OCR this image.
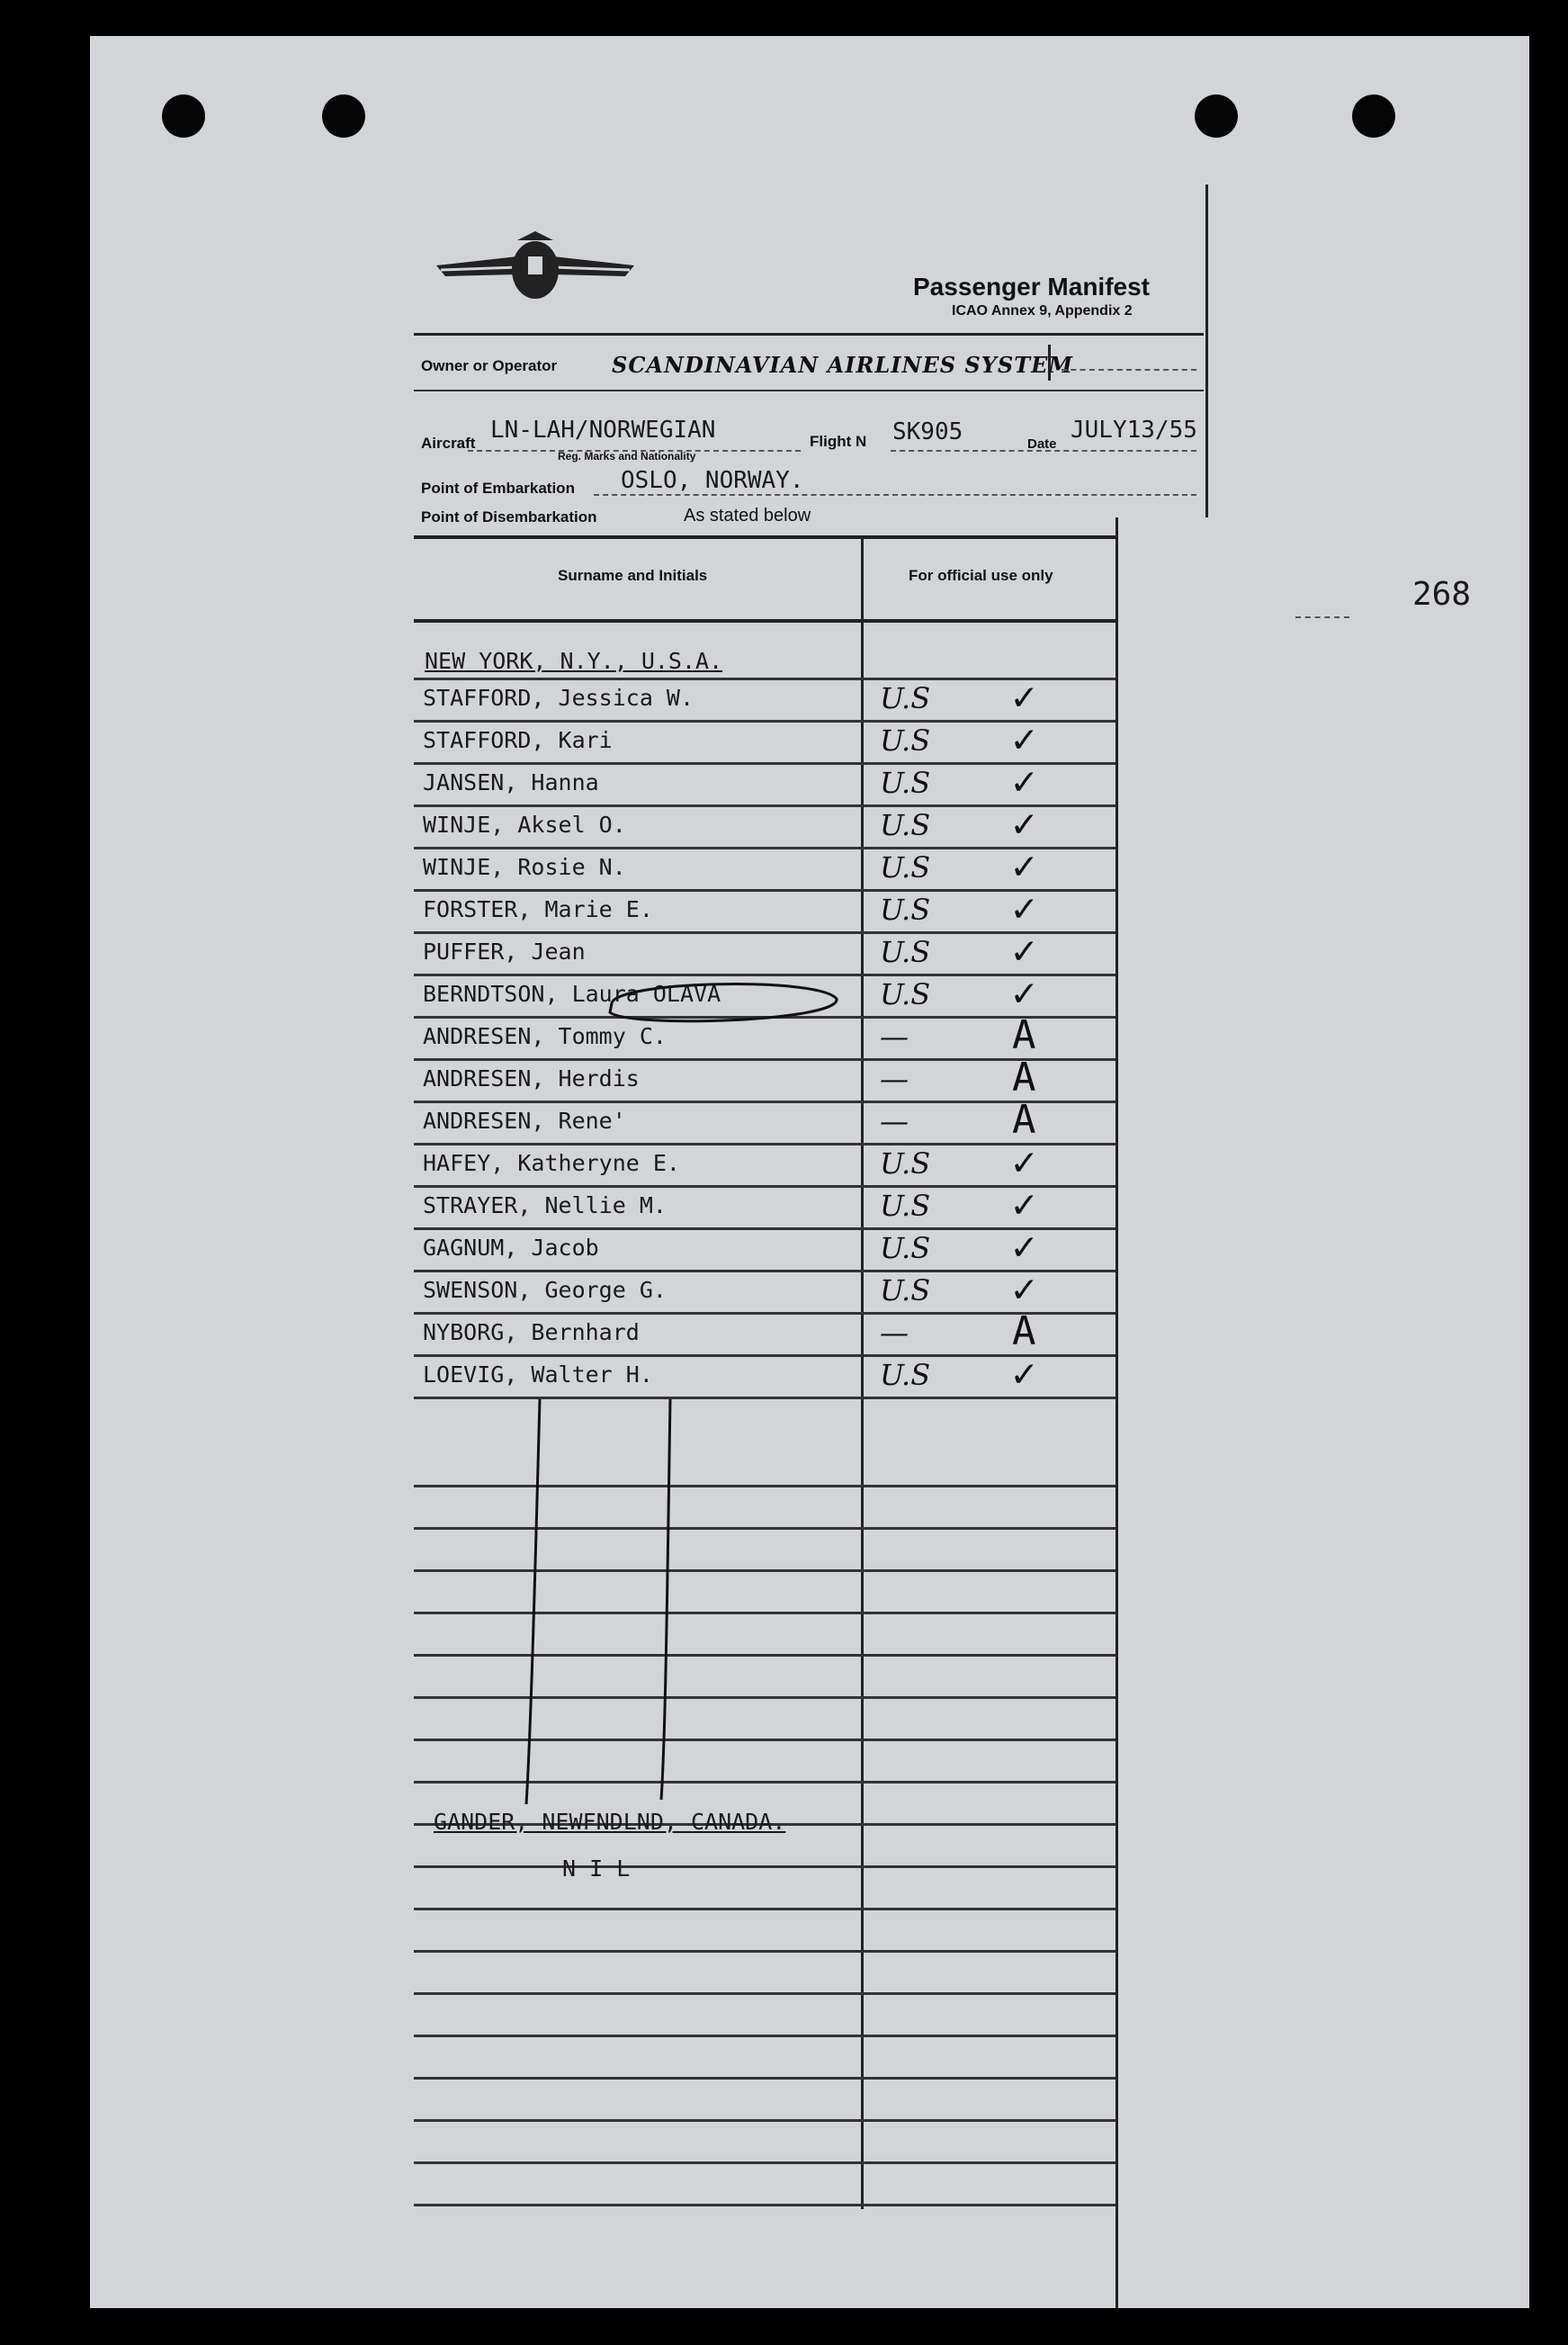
268
Passenger Manifest
ICAO Annex 9, Appendix 2
Owner or Operator	SCANDINAVIAN AIRLINES SYSTEM
Aircraft LN-LAH/NORWEGIAN
Reg. Marks and Nationality
Flight N SK905	Date
JULY13/55
Point of Embarkation OSLO, NORWAY.
Point of Disembarkation	As stated below
Surname and Initials	For official use only
NEW YORK, N.Y., U.S.A.
STAFFORD, Jessica W.	U.S ✓
STAFFORD, Kari	U.S ✓
JANSEN, Hanna	U.S ✓
WINJE, Aksel O.	U.S ✓
WINJE, Rosie N.	U.S ✓
FORSTER, Marie E.	U.S ✓
PUFFER, Jean	U.S ✓
BERNDTSON, Laura OLAVA	U.S ✓
ANDRESEN, Tommy C.	—	A
ANDRESEN, Herdis	—	A
ANDRESEN, Rene'	—	A
HAFEY, Katheryne E.	U.S ✓
STRAYER, Nellie M.	U.S ✓
GAGNUM, Jacob	U.S ✓
SWENSON, George G.	U.S ✓
NYBORG, Bernhard	—	A
LOEVIG, Walter H.	U.S ✓
GANDER, NEWFNDLND, CANADA.
N I L
